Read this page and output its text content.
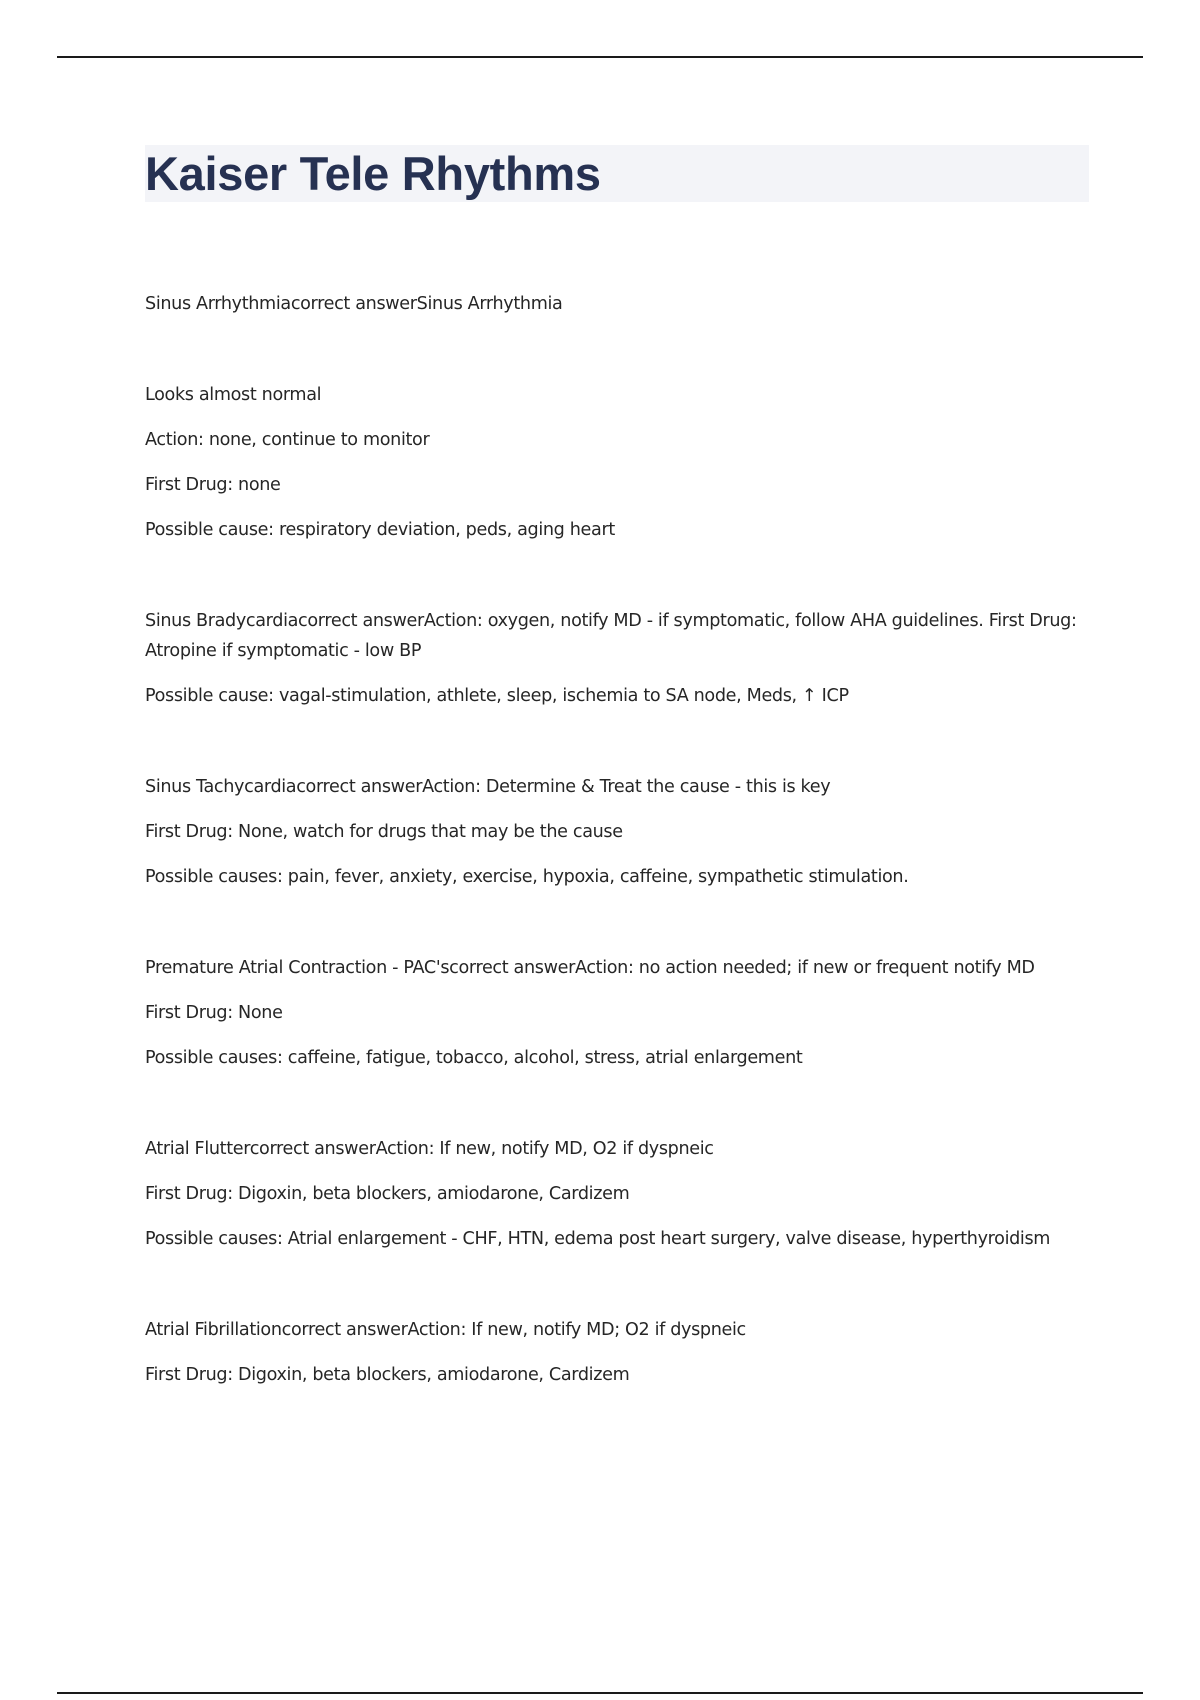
Kaiser Tele Rhythms

Sinus Arrhythmiacorrect answerSinus Arrhythmia

Looks almost normal

Action: none, continue to monitor

First Drug: none

Possible cause: respiratory deviation, peds, aging heart

Sinus Bradycardiacorrect answerAction: oxygen, notify MD - if symptomatic, follow AHA guidelines. First Drug: Atropine if symptomatic - low BP

Possible cause: vagal-stimulation, athlete, sleep, ischemia to SA node, Meds, ↑ ICP

Sinus Tachycardiacorrect answerAction: Determine & Treat the cause - this is key

First Drug: None, watch for drugs that may be the cause

Possible causes: pain, fever, anxiety, exercise, hypoxia, caffeine, sympathetic stimulation.

Premature Atrial Contraction - PAC'scorrect answerAction: no action needed; if new or frequent notify MD

First Drug: None

Possible causes: caffeine, fatigue, tobacco, alcohol, stress, atrial enlargement

Atrial Fluttercorrect answerAction: If new, notify MD, O2 if dyspneic

First Drug: Digoxin, beta blockers, amiodarone, Cardizem

Possible causes: Atrial enlargement - CHF, HTN, edema post heart surgery, valve disease, hyperthyroidism

Atrial Fibrillationcorrect answerAction: If new, notify MD; O2 if dyspneic

First Drug: Digoxin, beta blockers, amiodarone, Cardizem
